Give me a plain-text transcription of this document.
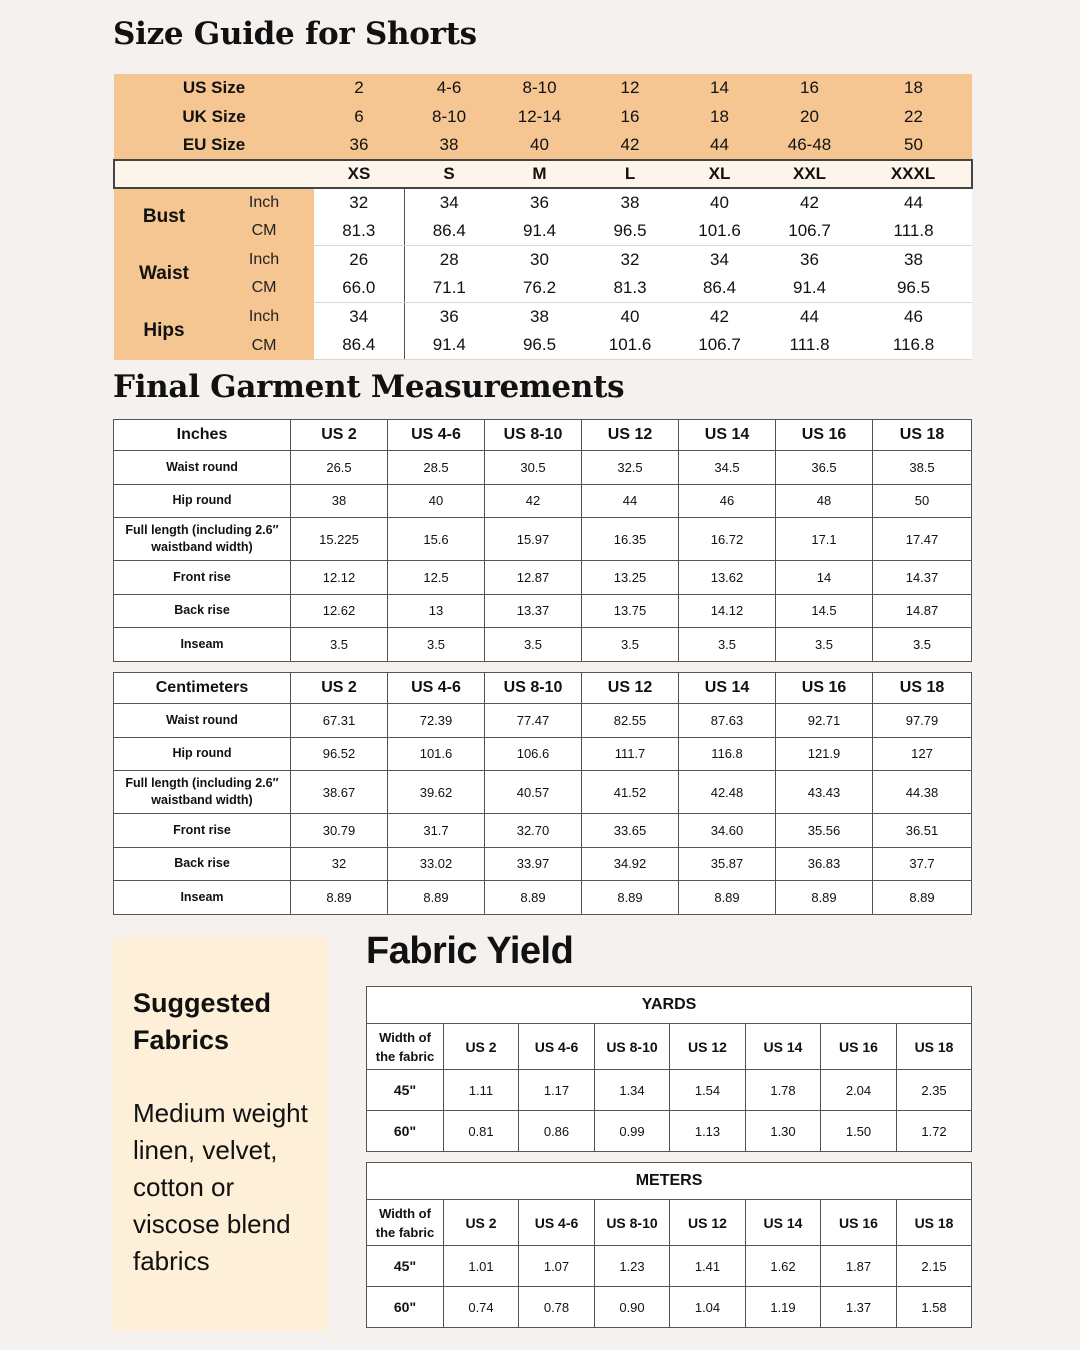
Size Guide for Shorts
US Size		2	4-6	8-10	12	14	16	18
UK Size		6	8-10	12-14	16	18	20	22
EU Size		36	38	40	42	44	46-48	50
		XS	S	M	L	XL	XXL	XXXL
Bust	Inch	32	34	36	38	40	42	44
	CM	81.3	86.4	91.4	96.5	101.6	106.7	111.8
Waist	Inch	26	28	30	32	34	36	38
	CM	66.0	71.1	76.2	81.3	86.4	91.4	96.5
Hips	Inch	34	36	38	40	42	44	46
	CM	86.4	91.4	96.5	101.6	106.7	111.8	116.8
Final Garment Measurements
Inches	US 2	US 4-6	US 8-10	US 12	US 14	US 16	US 18
Waist round	26.5	28.5	30.5	32.5	34.5	36.5	38.5
Hip round	38	40	42	44	46	48	50
Full length (including 2.6″ waistband width)	15.225	15.6	15.97	16.35	16.72	17.1	17.47
Front rise	12.12	12.5	12.87	13.25	13.62	14	14.37
Back rise	12.62	13	13.37	13.75	14.12	14.5	14.87
Inseam	3.5	3.5	3.5	3.5	3.5	3.5	3.5
Centimeters	US 2	US 4-6	US 8-10	US 12	US 14	US 16	US 18
Waist round	67.31	72.39	77.47	82.55	87.63	92.71	97.79
Hip round	96.52	101.6	106.6	111.7	116.8	121.9	127
Full length (including 2.6″ waistband width)	38.67	39.62	40.57	41.52	42.48	43.43	44.38
Front rise	30.79	31.7	32.70	33.65	34.60	35.56	36.51
Back rise	32	33.02	33.97	34.92	35.87	36.83	37.7
Inseam	8.89	8.89	8.89	8.89	8.89	8.89	8.89
Suggested Fabrics
Medium weight linen, velvet, cotton or viscose blend fabrics
Fabric Yield
YARDS							
Width of the fabric	US 2	US 4-6	US 8-10	US 12	US 14	US 16	US 18
45"	1.11	1.17	1.34	1.54	1.78	2.04	2.35
60"	0.81	0.86	0.99	1.13	1.30	1.50	1.72
METERS							
Width of the fabric	US 2	US 4-6	US 8-10	US 12	US 14	US 16	US 18
45"	1.01	1.07	1.23	1.41	1.62	1.87	2.15
60"	0.74	0.78	0.90	1.04	1.19	1.37	1.58
